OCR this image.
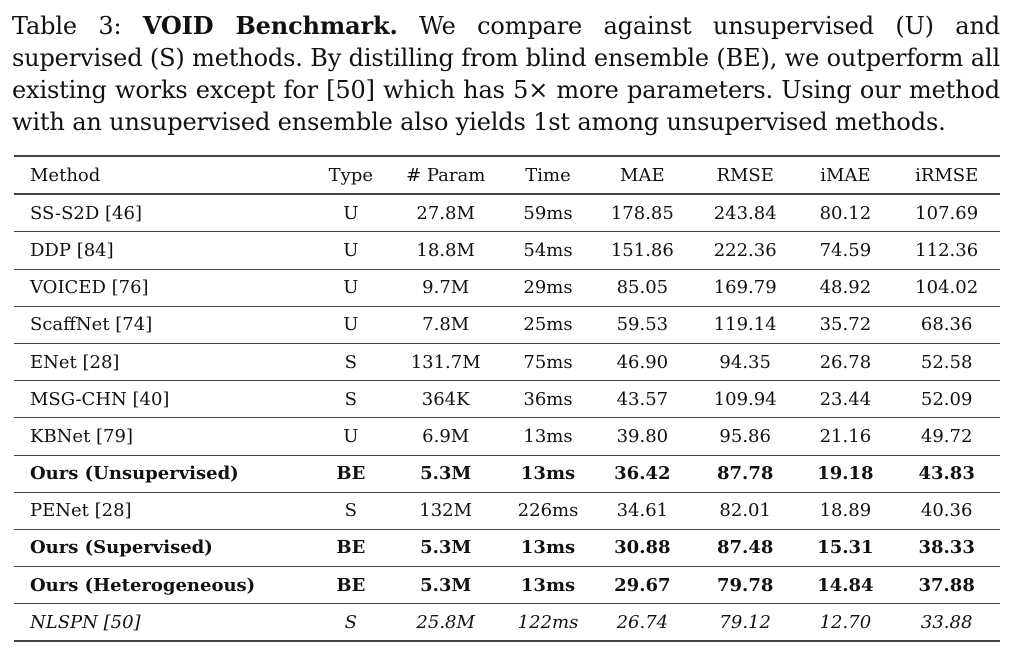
Table 3: VOID Benchmark. We compare against unsupervised (U) and supervised (S) methods. By distilling from blind ensemble (BE), we outperform all existing works except for [50] which has 5× more parameters. Using our method with an unsupervised ensemble also yields 1st among unsupervised methods.

Method	Type	# Param	Time	MAE	RMSE	iMAE	iRMSE
SS-S2D [46]	U	27.8M	59ms	178.85	243.84	80.12	107.69
DDP [84]	U	18.8M	54ms	151.86	222.36	74.59	112.36
VOICED [76]	U	9.7M	29ms	85.05	169.79	48.92	104.02
ScaffNet [74]	U	7.8M	25ms	59.53	119.14	35.72	68.36
ENet [28]	S	131.7M	75ms	46.90	94.35	26.78	52.58
MSG-CHN [40]	S	364K	36ms	43.57	109.94	23.44	52.09
KBNet [79]	U	6.9M	13ms	39.80	95.86	21.16	49.72
Ours (Unsupervised)	BE	5.3M	13ms	36.42	87.78	19.18	43.83
PENet [28]	S	132M	226ms	34.61	82.01	18.89	40.36
Ours (Supervised)	BE	5.3M	13ms	30.88	87.48	15.31	38.33
Ours (Heterogeneous)	BE	5.3M	13ms	29.67	79.78	14.84	37.88
NLSPN [50]	S	25.8M	122ms	26.74	79.12	12.70	33.88
